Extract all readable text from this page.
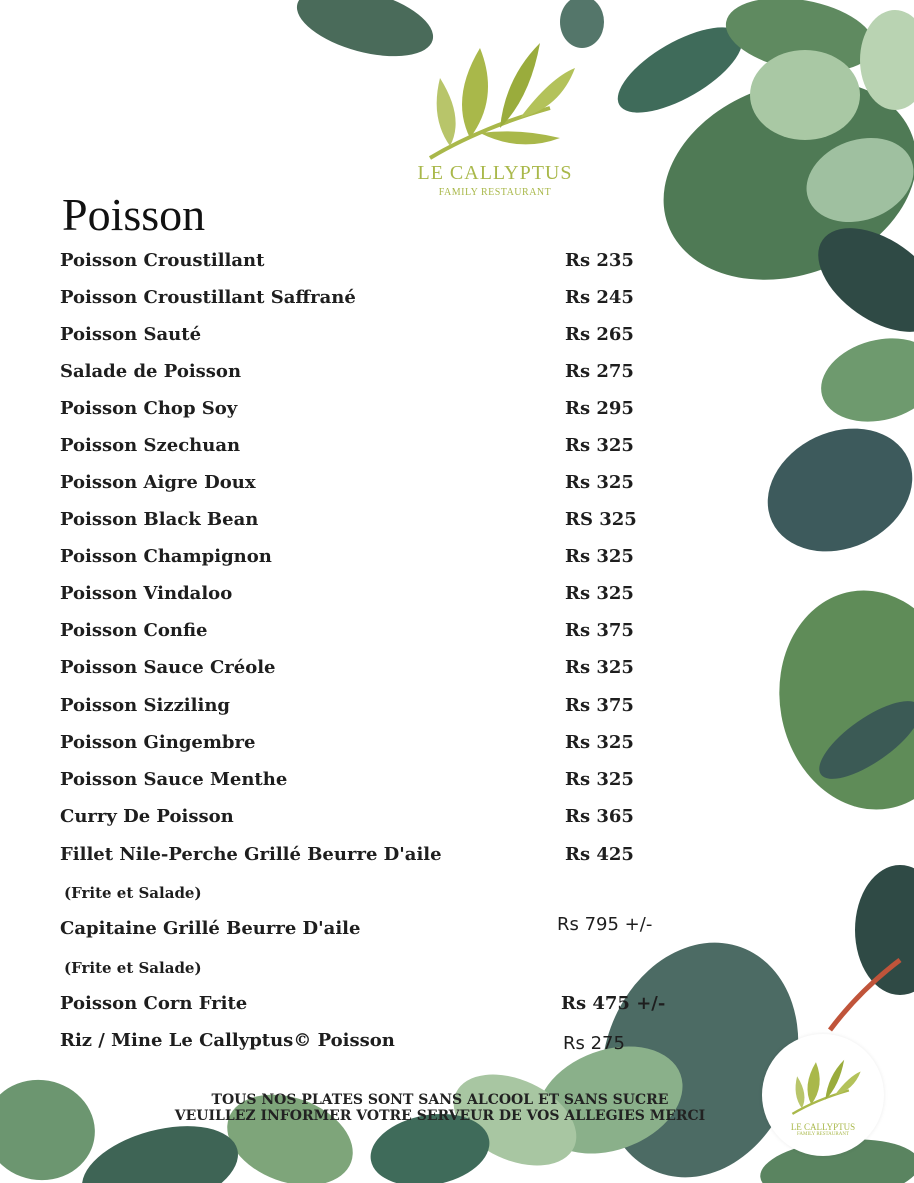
LE CALLYPTUS
FAMILY RESTAURANT
Poisson
Poisson Croustillant	Rs 235
Poisson Croustillant Saffrané	Rs 245
Poisson Sauté	Rs 265
Salade de Poisson	Rs 275
Poisson Chop Soy	Rs 295
Poisson Szechuan	Rs 325
Poisson Aigre Doux	Rs 325
Poisson Black Bean	RS 325
Poisson Champignon	Rs 325
Poisson Vindaloo	Rs 325
Poisson Confie	Rs 375
Poisson Sauce Créole	Rs 325
Poisson Sizziling	Rs 375
Poisson Gingembre	Rs 325
Poisson Sauce Menthe	Rs 325
Curry De Poisson	Rs 365
Fillet Nile-Perche Grillé Beurre D'aile	Rs 425
(Frite et Salade)
Capitaine Grillé Beurre D'aile	Rs 795 +/-
(Frite et Salade)
Poisson Corn Frite	Rs 475 +/-
Riz / Mine Le Callyptus© Poisson	Rs 275
TOUS NOS PLATES SONT SANS ALCOOL ET SANS SUCRE
VEUILLEZ INFORMER VOTRE SERVEUR DE VOS ALLEGIES MERCI
LE CALLYPTUS
FAMILY RESTAURANT
